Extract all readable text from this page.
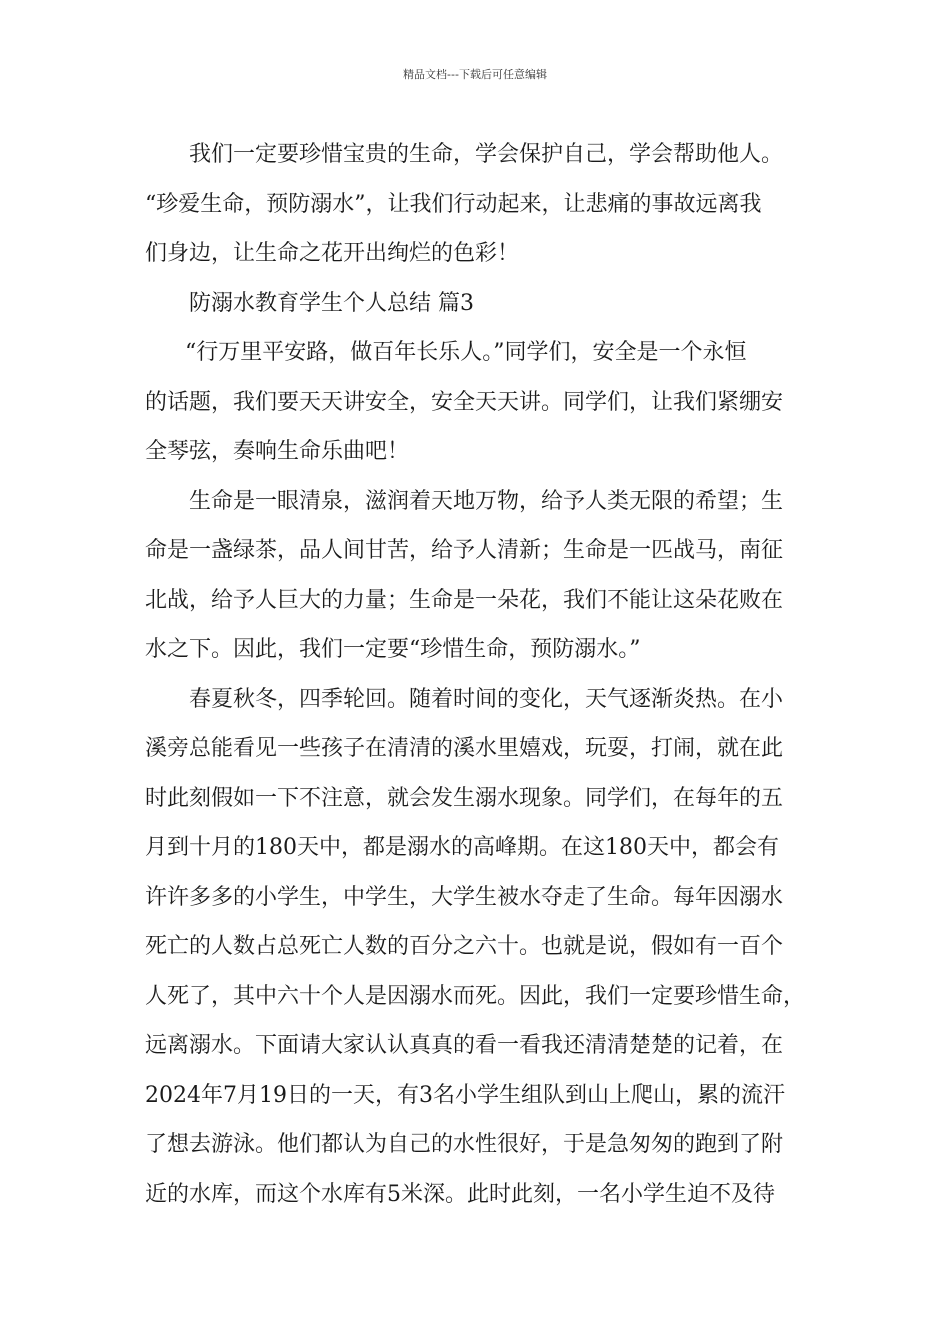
精品文档---下载后可任意编辑
我们一定要珍惜宝贵的生命，学会保护自己，学会帮助他人。
“珍爱生命，预防溺水”，让我们行动起来，让悲痛的事故远离我
们身边，让生命之花开出绚烂的色彩！
防溺水教育学生个人总结 篇3
“行万里平安路，做百年长乐人。”同学们，安全是一个永恒
的话题，我们要天天讲安全，安全天天讲。同学们，让我们紧绷安
全琴弦，奏响生命乐曲吧！
生命是一眼清泉，滋润着天地万物，给予人类无限的希望；生
命是一盏绿茶，品人间甘苦，给予人清新；生命是一匹战马，南征
北战，给予人巨大的力量；生命是一朵花，我们不能让这朵花败在
水之下。因此，我们一定要“珍惜生命，预防溺水。”
春夏秋冬，四季轮回。随着时间的变化，天气逐渐炎热。在小
溪旁总能看见一些孩子在清清的溪水里嬉戏，玩耍，打闹，就在此
时此刻假如一下不注意，就会发生溺水现象。同学们，在每年的五
月到十月的180天中，都是溺水的高峰期。在这180天中，都会有
许许多多的小学生，中学生，大学生被水夺走了生命。每年因溺水
死亡的人数占总死亡人数的百分之六十。也就是说，假如有一百个
人死了，其中六十个人是因溺水而死。因此，我们一定要珍惜生命，
远离溺水。下面请大家认认真真的看一看我还清清楚楚的记着，在
2024年7月19日的一天，有3名小学生组队到山上爬山，累的流汗
了想去游泳。他们都认为自己的水性很好，于是急匆匆的跑到了附
近的水库，而这个水库有5米深。此时此刻，一名小学生迫不及待
